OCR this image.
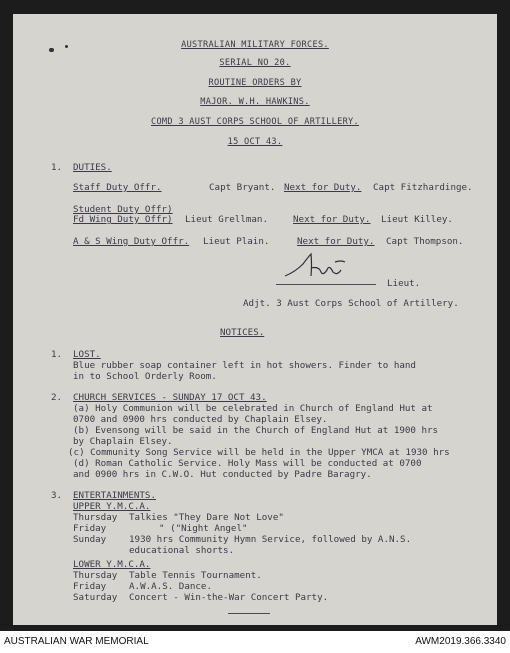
AUSTRALIAN MILITARY FORCES.
SERIAL NO 20.
ROUTINE ORDERS BY
MAJOR. W.H. HAWKINS.
COMD 3 AUST CORPS SCHOOL OF ARTILLERY.
15 OCT 43.
1. DUTIES.
Staff Duty Offr.	Capt Bryant. Next for Duty. Capt Fitzhardinge.
Student Duty Offr)
Fd Wing Duty Offr) Lieut Grellman.	Next for Duty. Lieut Killey.
A & S Wing Duty Offr. Lieut Plain.	Next for Duty. Capt Thompson.
Lieut.
Adjt. 3 Aust Corps School of Artillery.
NOTICES.
1. LOST.
Blue rubber soap container left in hot showers. Finder to hand
in to School Orderly Room.
2. CHURCH SERVICES - SUNDAY 17 OCT 43.
(a) Holy Communion will be celebrated in Church of England Hut at
0700 and 0900 hrs conducted by Chaplain Elsey.
(b) Evensong will be said in the Church of England Hut at 1900 hrs
by Chaplain Elsey.
(c) Community Song Service will be held in the Upper YMCA at 1930 hrs
(d) Roman Catholic Service. Holy Mass will be conducted at 0700
and 0900 hrs in C.W.O. Hut conducted by Padre Baragry.
3. ENTERTAINMENTS.
UPPER Y.M.C.A.
Thursday Talkies "They Dare Not Love"
Friday	" ("Night Angel"
Sunday 1930 hrs Community Hymn Service, followed by A.N.S.
educational shorts.
LOWER Y.M.C.A.
Thursday Table Tennis Tournament.
Friday A.W.A.S. Dance.
Saturday Concert - Win-the-War Concert Party.
AUSTRALIAN WAR MEMORIAL	AWM2019.366.3340
